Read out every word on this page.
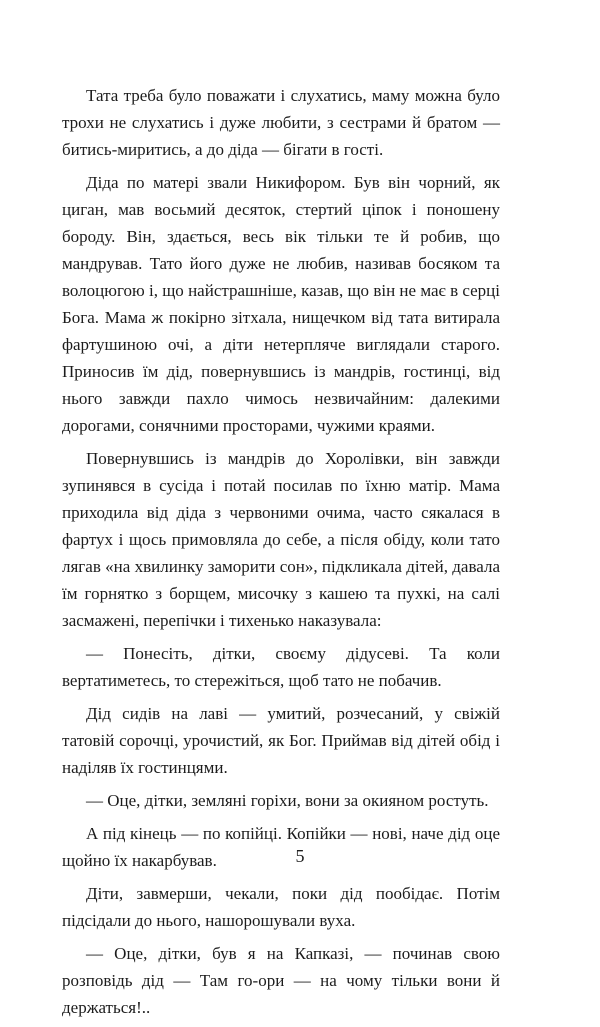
Тата треба було поважати і слухатись, маму можна було трохи не слухатись і дуже любити, з сестрами й братом — битись-миритись, а до діда — бігати в гості.

Діда по матері звали Никифором. Був він чорний, як циган, мав восьмий десяток, стертий ціпок і поношену бороду. Він, здається, весь вік тільки те й робив, що мандрував. Тато його дуже не любив, називав босяком та волоцюгою і, що найстрашніше, казав, що він не має в серці Бога. Мама ж покірно зітхала, нищечком від тата витирала фартушиною очі, а діти нетерпляче виглядали старого. Приносив їм дід, повернувшись із мандрів, гостинці, від нього завжди пахло чимось незвичайним: далекими дорогами, сонячними просторами, чужими краями.

Повернувшись із мандрів до Хоролівки, він завжди зупинявся в сусіда і потай посилав по їхню матір. Мама приходила від діда з червоними очима, часто сякалася в фартух і щось примовляла до себе, а після обіду, коли тато лягав «на хвилинку заморити сон», підкликала дітей, давала їм горнятко з борщем, мисочку з кашею та пухкі, на салі засмажені, перепічки і тихенько наказувала:

— Понесіть, дітки, своєму дідусеві. Та коли вертатиметесь, то стережіться, щоб тато не побачив.

Дід сидів на лаві — умитий, розчесаний, у свіжій татовій сорочці, урочистий, як Бог. Приймав від дітей обід і наділяв їх гостинцями.

— Оце, дітки, земляні горіхи, вони за окияном ростуть.

А під кінець — по копійці. Копійки — нові, наче дід оце щойно їх накарбував.

Діти, завмерши, чекали, поки дід пообідає. Потім підсідали до нього, нашорошували вуха.

— Оце, дітки, був я на Капказі, — починав свою розповідь дід — Там го-ори — на чому тільки вони й держаться!..

5
